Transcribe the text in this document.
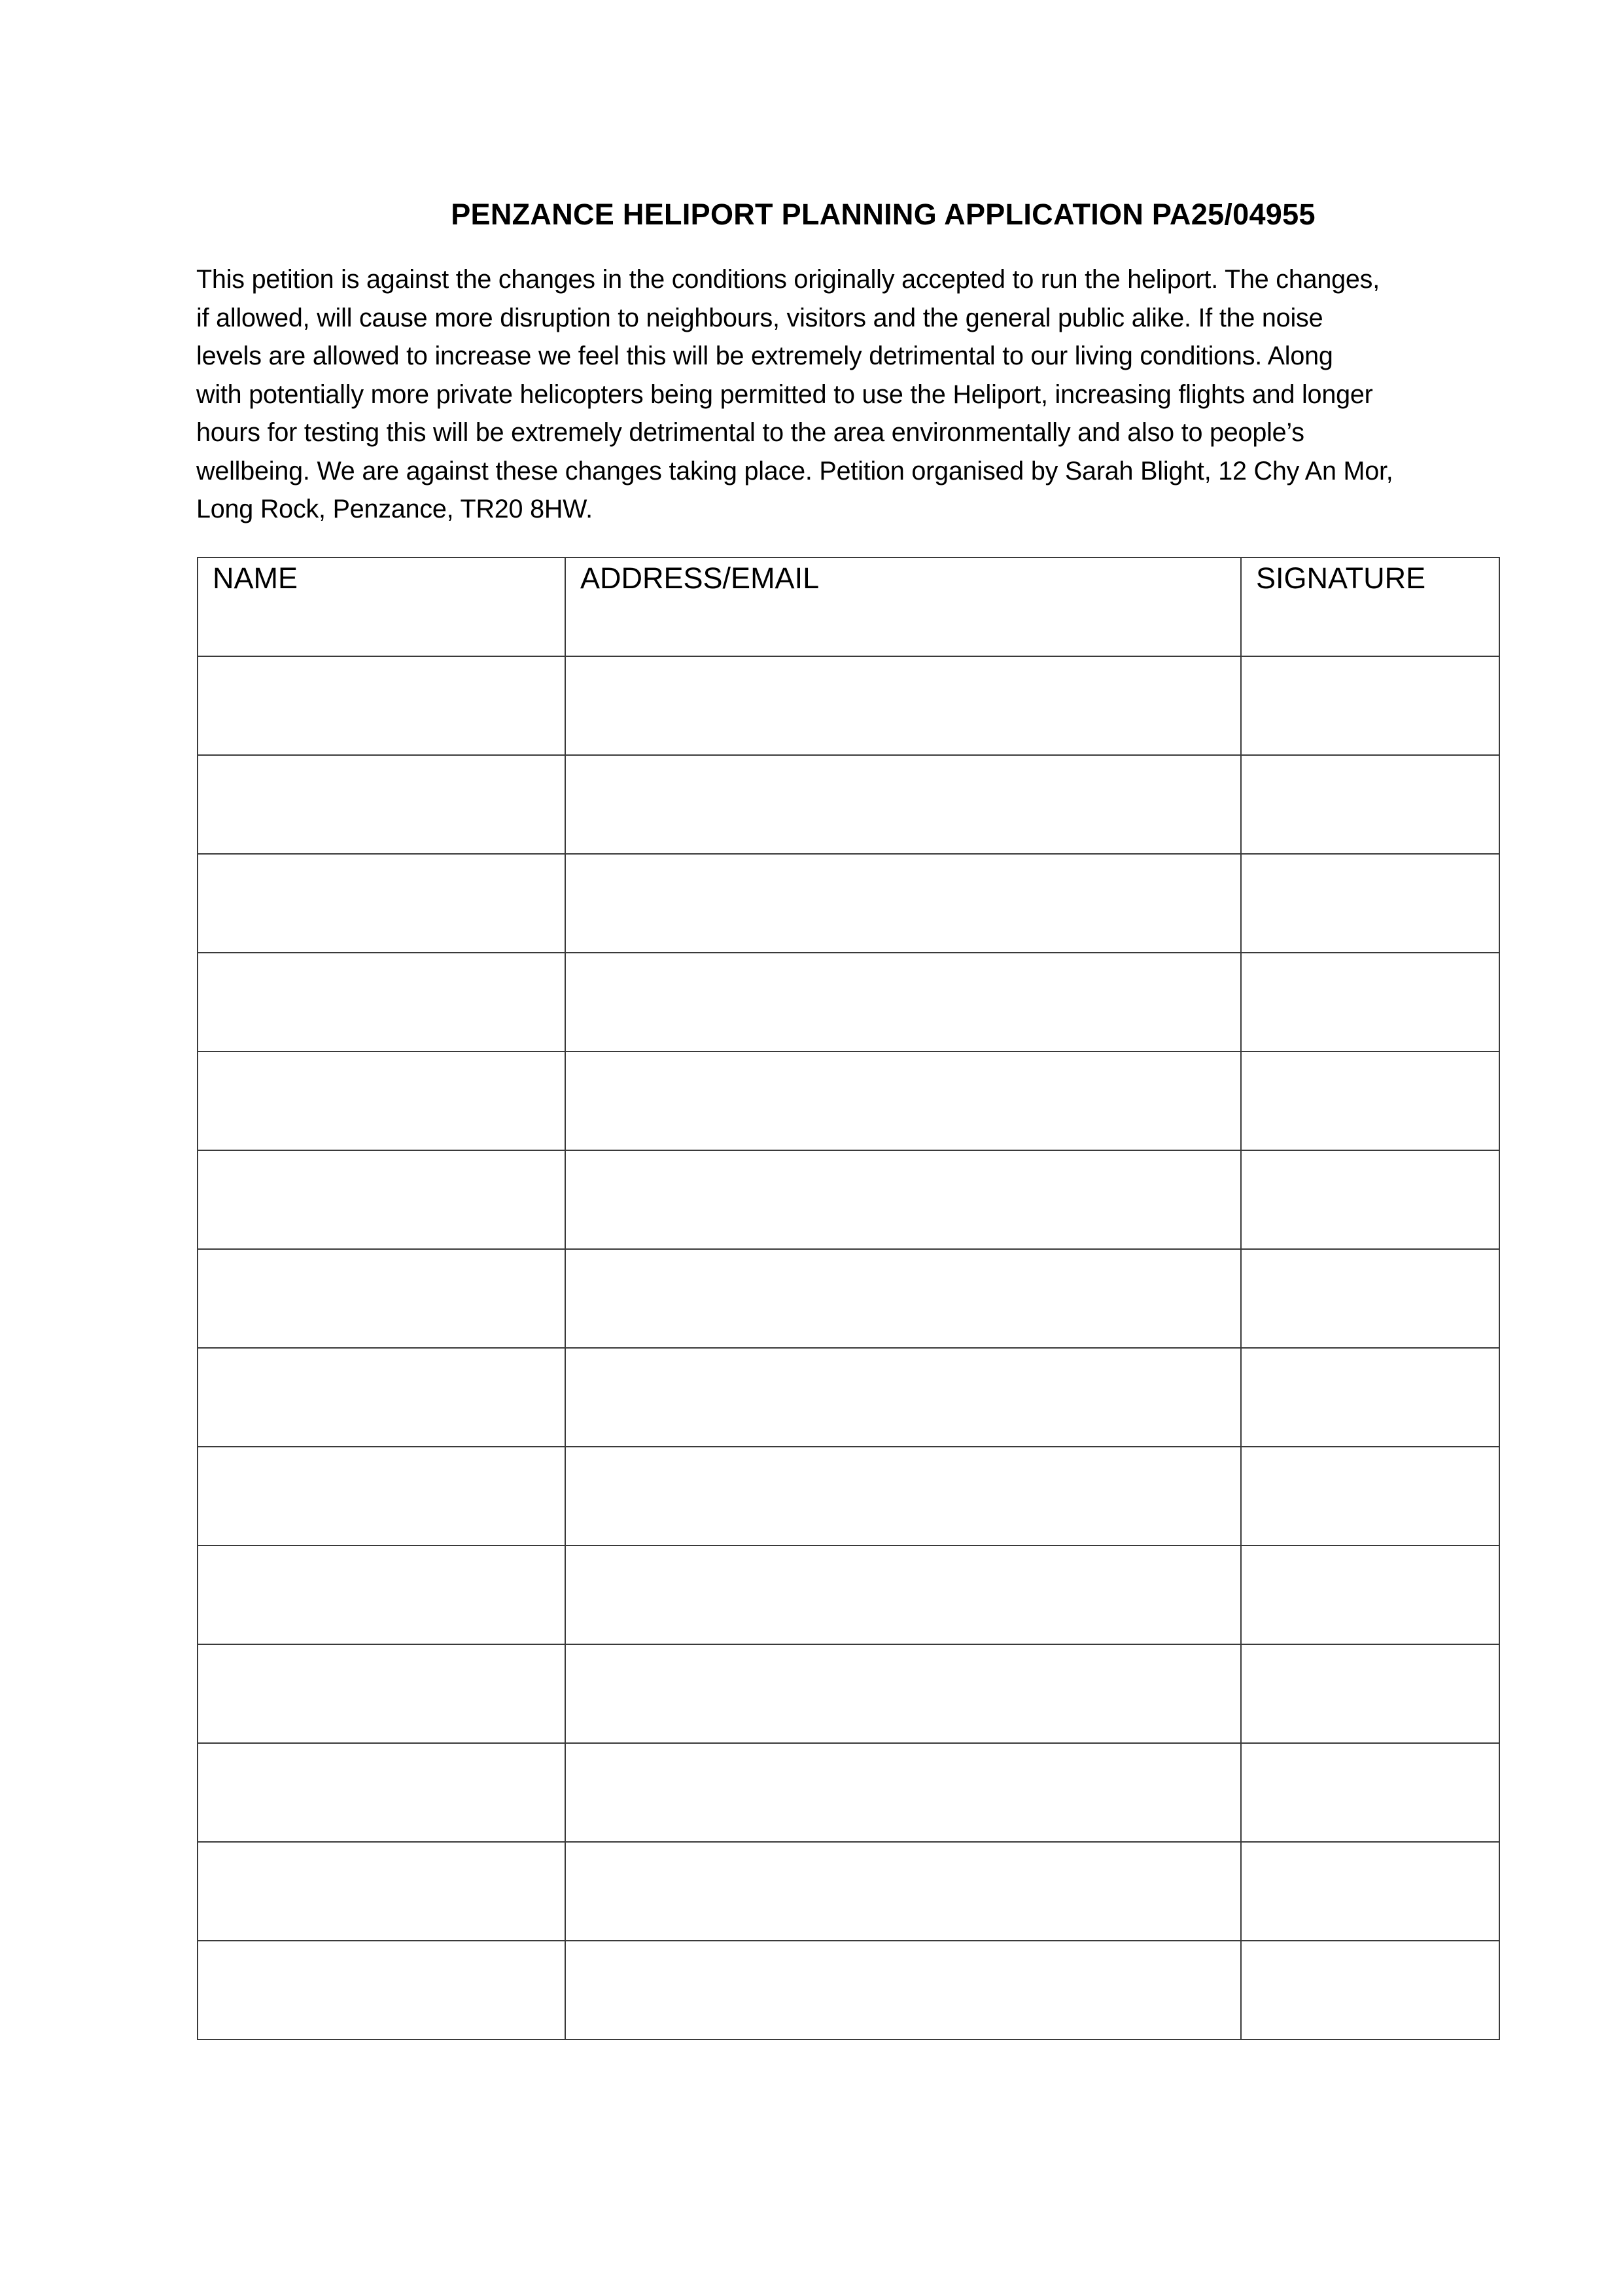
PENZANCE HELIPORT PLANNING APPLICATION PA25/04955

This petition is against the changes in the conditions originally accepted to run the heliport. The changes,
if allowed, will cause more disruption to neighbours, visitors and the general public alike. If the noise
levels are allowed to increase we feel this will be extremely detrimental to our living conditions. Along
with potentially more private helicopters being permitted to use the Heliport, increasing flights and longer
hours for testing this will be extremely detrimental to the area environmentally and also to people’s
wellbeing. We are against these changes taking place. Petition organised by Sarah Blight, 12 Chy An Mor,
Long Rock, Penzance, TR20 8HW.

NAME	ADDRESS/EMAIL	SIGNATURE
